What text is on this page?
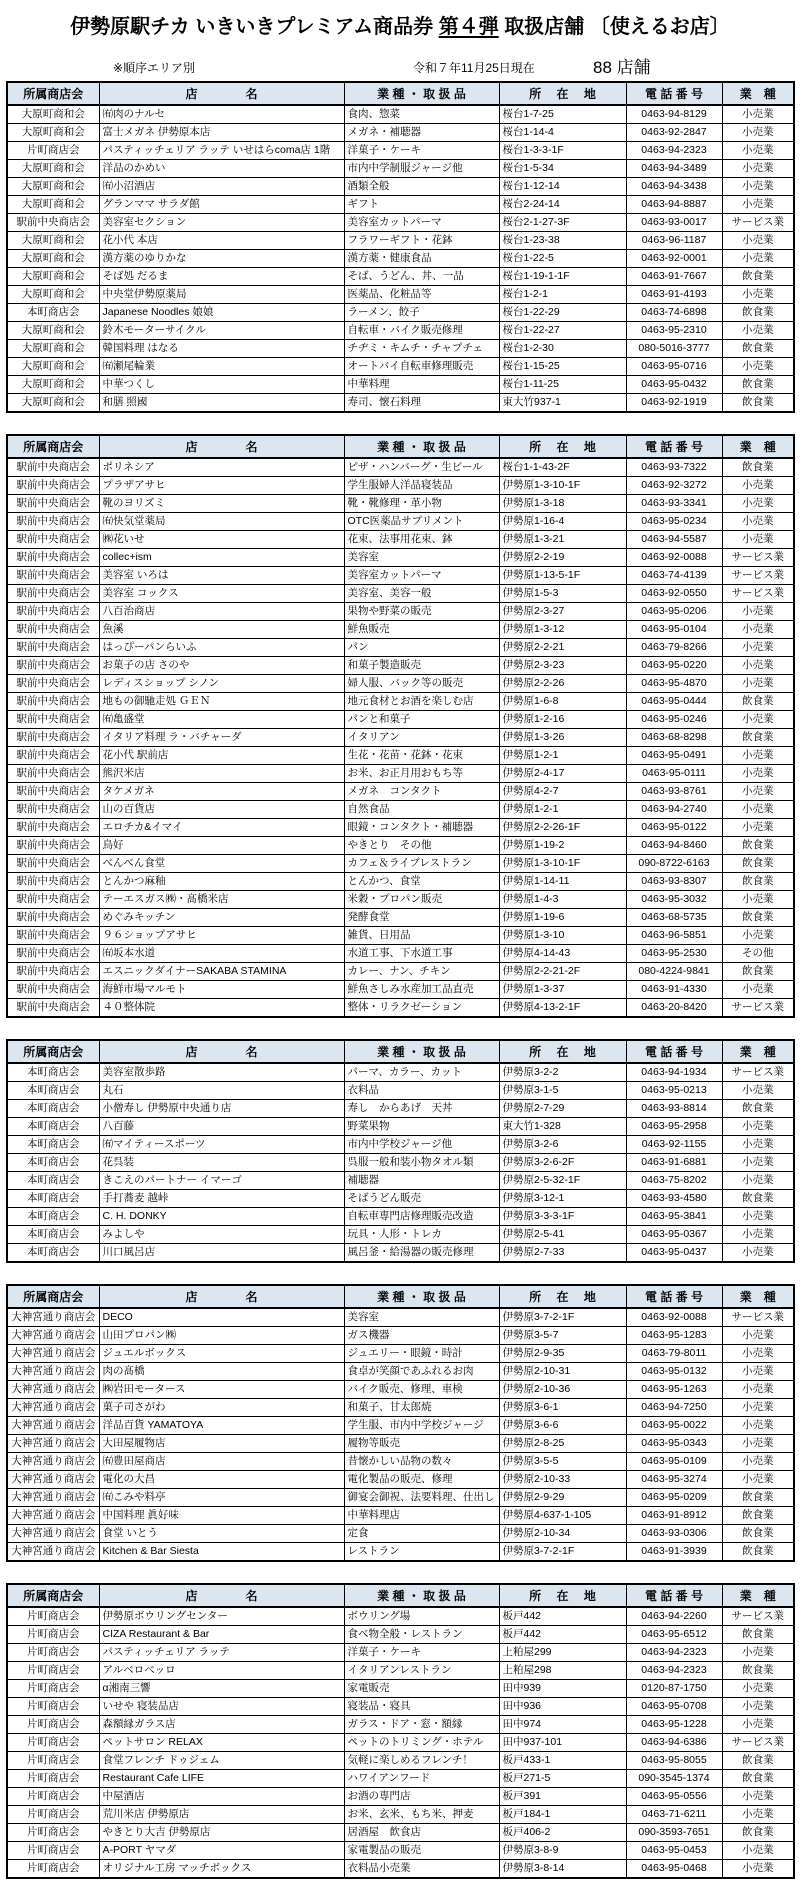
伊勢原駅チカ いきいきプレミアム商品券 第４弾 取扱店舗 〔使えるお店〕
※順序エリア別	令和７年11月25日現在	88 店舗
所属商店会	店　　　　名	業 種 ・ 取 扱 品	所　 在 　地	電 話 番 号	業　種
大原町商和会	㈲肉のナルセ	食肉、惣菜	桜台1-7-25	0463-94-8129	小売業
大原町商和会	富士メガネ 伊勢原本店	メガネ・補聴器	桜台1-14-4	0463-92-2847	小売業
片町商店会	パスティッチェリア ラッテ いせはらcoma店 1階	洋菓子・ケーキ	桜台1-3-3-1F	0463-94-2323	小売業
大原町商和会	洋品のかめい	市内中学制服ジャージ他	桜台1-5-34	0463-94-3489	小売業
大原町商和会	㈲小沼酒店	酒類全般	桜台1-12-14	0463-94-3438	小売業
大原町商和会	グランママ サラダ館	ギフト	桜台2-24-14	0463-94-8887	小売業
駅前中央商店会	美容室セクション	美容室カットパーマ	桜台2-1-27-3F	0463-93-0017	サービス業
大原町商和会	花小代 本店	フラワーギフト・花鉢	桜台1-23-38	0463-96-1187	小売業
大原町商和会	漢方薬のゆりかな	漢方薬・健康食品	桜台1-22-5	0463-92-0001	小売業
大原町商和会	そば処 だるま	そば、うどん、丼、一品	桜台1-19-1-1F	0463-91-7667	飲食業
大原町商和会	中央堂伊勢原薬局	医薬品、化粧品等	桜台1-2-1	0463-91-4193	小売業
本町商店会	Japanese Noodles 娘娘	ラーメン、餃子	桜台1-22-29	0463-74-6898	飲食業
大原町商和会	鈴木モーターサイクル	自転車・バイク販売修理	桜台1-22-27	0463-95-2310	小売業
大原町商和会	韓国料理 はなる	チヂミ・キムチ・チャプチェ	桜台1-2-30	080-5016-3777	飲食業
大原町商和会	㈲瀬尾輪業	オートバイ自転車修理販売	桜台1-15-25	0463-95-0716	小売業
大原町商和会	中華つくし	中華料理	桜台1-11-25	0463-95-0432	飲食業
大原町商和会	和膳 照國	寿司、懐石料理	東大竹937-1	0463-92-1919	飲食業
所属商店会	店　　　　名	業 種 ・ 取 扱 品	所　 在 　地	電 話 番 号	業　種
駅前中央商店会	ポリネシア	ピザ・ハンバーグ・生ビール	桜台1-1-43-2F	0463-93-7322	飲食業
駅前中央商店会	プラザアサヒ	学生服婦人洋品寝装品	伊勢原1-3-10-1F	0463-92-3272	小売業
駅前中央商店会	靴のヨリズミ	靴・靴修理・革小物	伊勢原1-3-18	0463-93-3341	小売業
駅前中央商店会	㈲快気堂薬局	OTC医薬品サプリメント	伊勢原1-16-4	0463-95-0234	小売業
駅前中央商店会	㈱花いせ	花束、法事用花束、鉢	伊勢原1-3-21	0463-94-5587	小売業
駅前中央商店会	collec+ism	美容室	伊勢原2-2-19	0463-92-0088	サービス業
駅前中央商店会	美容室 いろは	美容室カットパーマ	伊勢原1-13-5-1F	0463-74-4139	サービス業
駅前中央商店会	美容室 コックス	美容室、美容一般	伊勢原1-5-3	0463-92-0550	サービス業
駅前中央商店会	八百治商店	果物や野菜の販売	伊勢原2-3-27	0463-95-0206	小売業
駅前中央商店会	魚溪	鮮魚販売	伊勢原1-3-12	0463-95-0104	小売業
駅前中央商店会	はっぴーパンらいふ	パン	伊勢原2-2-21	0463-79-8266	小売業
駅前中央商店会	お菓子の店 さのや	和菓子製造販売	伊勢原2-3-23	0463-95-0220	小売業
駅前中央商店会	レディスショップ シノン	婦人服、バック等の販売	伊勢原2-2-26	0463-95-4870	小売業
駅前中央商店会	地もの御馳走処 ＧＥＮ	地元食材とお酒を楽しむ店	伊勢原1-6-8	0463-95-0444	飲食業
駅前中央商店会	㈲亀盛堂	パンと和菓子	伊勢原1-2-16	0463-95-0246	小売業
駅前中央商店会	イタリア料理 ラ・バチャーダ	イタリアン	伊勢原1-3-26	0463-68-8298	飲食業
駅前中央商店会	花小代 駅前店	生花・花苗・花鉢・花束	伊勢原1-2-1	0463-95-0491	小売業
駅前中央商店会	熊沢米店	お米、お正月用おもち等	伊勢原2-4-17	0463-95-0111	小売業
駅前中央商店会	タケメガネ	メガネ　コンタクト	伊勢原4-2-7	0463-93-8761	小売業
駅前中央商店会	山の百貨店	自然食品	伊勢原1-2-1	0463-94-2740	小売業
駅前中央商店会	エロチカ&イマイ	眼鏡・コンタクト・補聴器	伊勢原2-2-26-1F	0463-95-0122	小売業
駅前中央商店会	鳥好	やきとり　その他	伊勢原1-19-2	0463-94-8460	飲食業
駅前中央商店会	べんべん食堂	カフェ＆ライブレストラン	伊勢原1-3-10-1F	090-8722-6163	飲食業
駅前中央商店会	とんかつ麻釉	とんかつ、食堂	伊勢原1-14-11	0463-93-8307	飲食業
駅前中央商店会	テーエスガス㈱・髙橋米店	米穀・プロパン販売	伊勢原1-4-3	0463-95-3032	小売業
駅前中央商店会	めぐみキッチン	発酵食堂	伊勢原1-19-6	0463-68-5735	飲食業
駅前中央商店会	９６ショップアサヒ	雑貨、日用品	伊勢原1-3-10	0463-96-5851	小売業
駅前中央商店会	㈲坂本水道	水道工事、下水道工事	伊勢原4-14-43	0463-95-2530	その他
駅前中央商店会	エスニックダイナーSAKABA STAMINA	カレー、ナン、チキン	伊勢原2-2-21-2F	080-4224-9841	飲食業
駅前中央商店会	海鮮市場マルモト	鮮魚さしみ水産加工品直売	伊勢原1-3-37	0463-91-4330	小売業
駅前中央商店会	４０整体院	整体・リラクゼーション	伊勢原4-13-2-1F	0463-20-8420	サービス業
所属商店会	店　　　　名	業 種 ・ 取 扱 品	所　 在 　地	電 話 番 号	業　種
本町商店会	美容室散歩路	パーマ、カラー、カット	伊勢原3-2-2	0463-94-1934	サービス業
本町商店会	丸石	衣料品	伊勢原3-1-5	0463-95-0213	小売業
本町商店会	小僧寿し 伊勢原中央通り店	寿し　からあげ　天丼	伊勢原2-7-29	0463-93-8814	飲食業
本町商店会	八百藤	野菜果物	東大竹1-328	0463-95-2958	小売業
本町商店会	㈲マイティースポーツ	市内中学校ジャージ他	伊勢原3-2-6	0463-92-1155	小売業
本町商店会	花呉装	呉服一般和装小物タオル類	伊勢原3-2-6-2F	0463-91-6881	小売業
本町商店会	きこえのパートナー イマーゴ	補聴器	伊勢原2-5-32-1F	0463-75-8202	小売業
本町商店会	手打蕎麦 越峠	そばうどん販売	伊勢原3-12-1	0463-93-4580	飲食業
本町商店会	C. H. DONKY	自転車専門店修理販売改造	伊勢原3-3-3-1F	0463-95-3841	小売業
本町商店会	みよしや	玩具・人形・トレカ	伊勢原2-5-41	0463-95-0367	小売業
本町商店会	川口風呂店	風呂釜・給湯器の販売修理	伊勢原2-7-33	0463-95-0437	小売業
所属商店会	店　　　　名	業 種 ・ 取 扱 品	所　 在 　地	電 話 番 号	業　種
大神宮通り商店会	DECO	美容室	伊勢原3-7-2-1F	0463-92-0088	サービス業
大神宮通り商店会	山田プロパン㈱	ガス機器	伊勢原3-5-7	0463-95-1283	小売業
大神宮通り商店会	ジュエルボックス	ジュエリー・眼鏡・時計	伊勢原2-9-35	0463-79-8011	小売業
大神宮通り商店会	肉の髙橋	食卓が笑顔であふれるお肉	伊勢原2-10-31	0463-95-0132	小売業
大神宮通り商店会	㈱岩田モータース	バイク販売、修理、車検	伊勢原2-10-36	0463-95-1263	小売業
大神宮通り商店会	菓子司さがわ	和菓子、甘太郎焼	伊勢原3-6-1	0463-94-7250	小売業
大神宮通り商店会	洋品百貨 YAMATOYA	学生服、市内中学校ジャージ	伊勢原3-6-6	0463-95-0022	小売業
大神宮通り商店会	大田屋履物店	履物等販売	伊勢原2-8-25	0463-95-0343	小売業
大神宮通り商店会	㈲豊田屋商店	昔懐かしい品物の数々	伊勢原3-5-5	0463-95-0109	小売業
大神宮通り商店会	電化の大昌	電化製品の販売、修理	伊勢原2-10-33	0463-95-3274	小売業
大神宮通り商店会	㈲こみや料亭	御宴会御祝、法要料理、仕出し	伊勢原2-9-29	0463-95-0209	飲食業
大神宮通り商店会	中国料理 眞好味	中華料理店	伊勢原4-637-1-105	0463-91-8912	飲食業
大神宮通り商店会	食堂 いとう	定食	伊勢原2-10-34	0463-93-0306	飲食業
大神宮通り商店会	Kitchen & Bar Siesta	レストラン	伊勢原3-7-2-1F	0463-91-3939	飲食業
所属商店会	店　　　　名	業 種 ・ 取 扱 品	所　 在 　地	電 話 番 号	業　種
片町商店会	伊勢原ボウリングセンター	ボウリング場	板戸442	0463-94-2260	サービス業
片町商店会	CIZA Restaurant & Bar	食べ物全般・レストラン	板戸442	0463-95-6512	飲食業
片町商店会	パスティッチェリア ラッテ	洋菓子・ケーキ	上粕屋299	0463-94-2323	小売業
片町商店会	アルベロベッロ	イタリアンレストラン	上粕屋298	0463-94-2323	飲食業
片町商店会	α湘南三響	家電販売	田中939	0120-87-1750	小売業
片町商店会	いせや 寝装品店	寝装品・寝具	田中936	0463-95-0708	小売業
片町商店会	森額縁ガラス店	ガラス・ドア・窓・額縁	田中974	0463-95-1228	小売業
片町商店会	ペットサロン RELAX	ペットのトリミング・ホテル	田中937-101	0463-94-6386	サービス業
片町商店会	食堂フレンチ ドゥジェム	気軽に楽しめるフレンチ！	板戸433-1	0463-95-8055	飲食業
片町商店会	Restaurant Cafe LIFE	ハワイアンフード	板戸271-5	090-3545-1374	飲食業
片町商店会	中屋酒店	お酒の専門店	板戸391	0463-95-0556	小売業
片町商店会	荒川米店 伊勢原店	お米、玄米、もち米、押麦	板戸184-1	0463-71-6211	小売業
片町商店会	やきとり大吉 伊勢原店	居酒屋　飲食店	板戸406-2	090-3593-7651	飲食業
片町商店会	A-PORT ヤマダ	家電製品の販売	伊勢原3-8-9	0463-95-0453	小売業
片町商店会	オリジナル工房 マッチボックス	衣料品小売業	伊勢原3-8-14	0463-95-0468	小売業
